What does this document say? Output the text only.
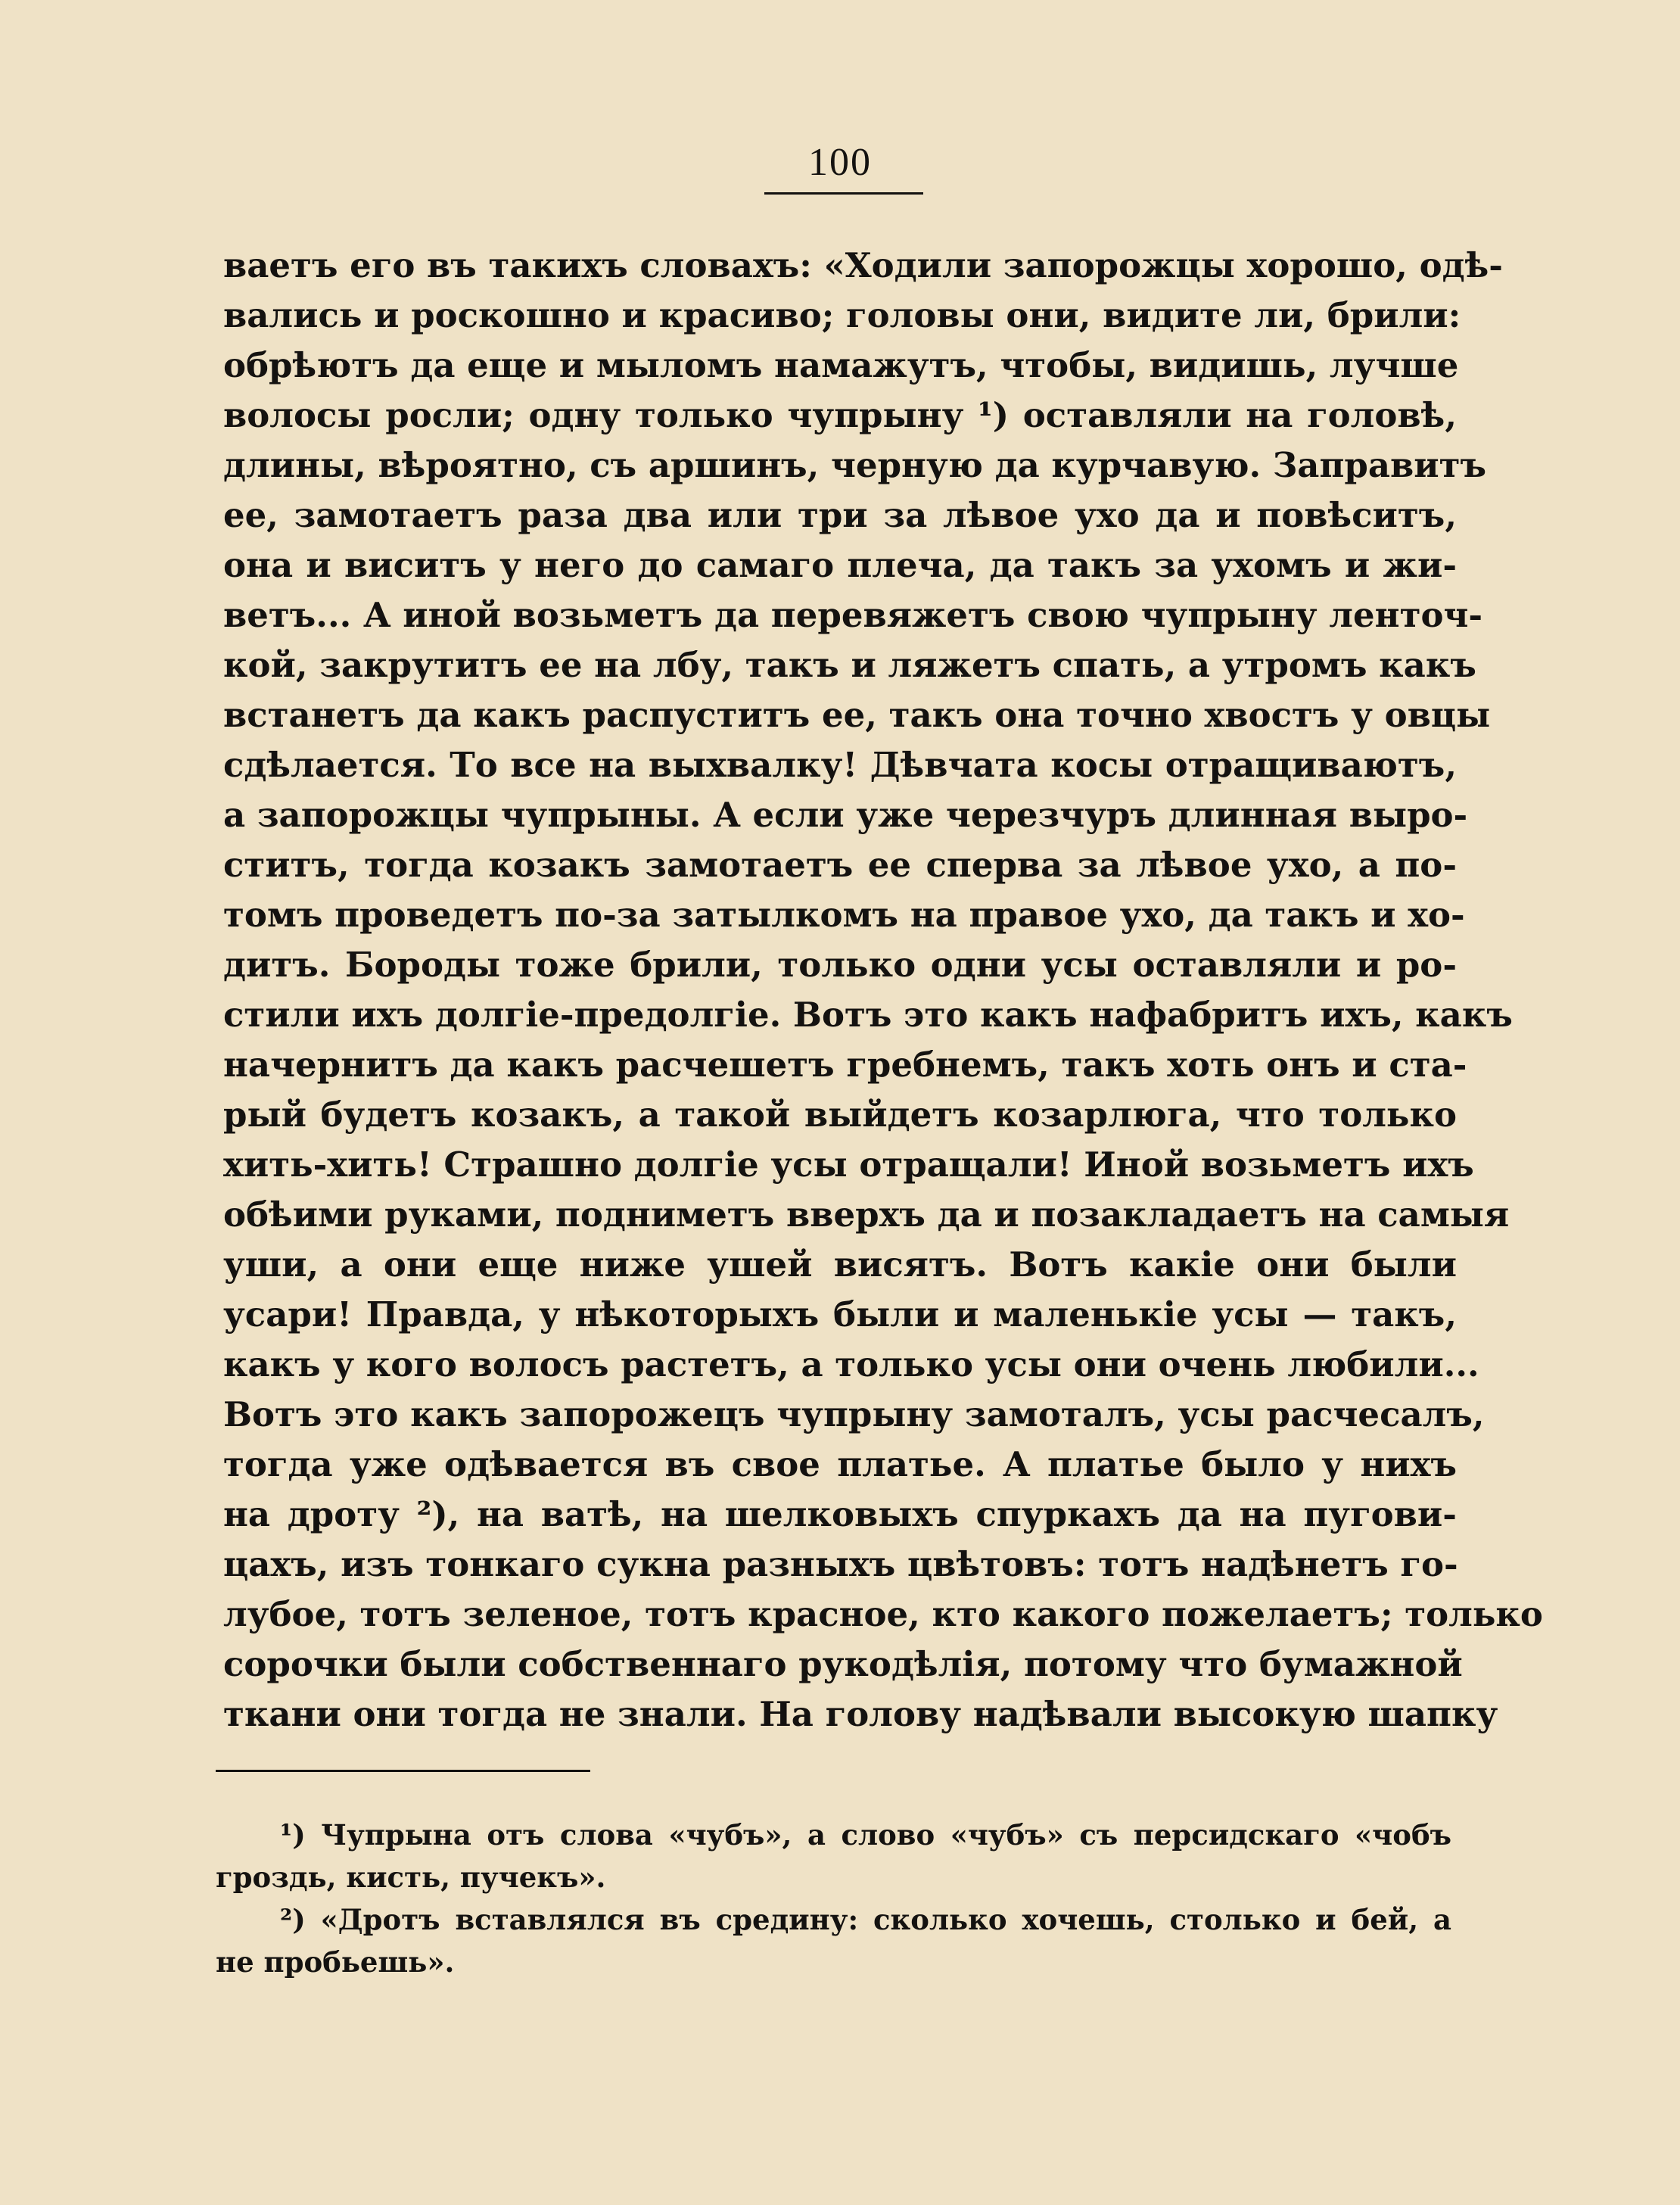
100
ваетъ его въ такихъ словахъ: «Ходили запорожцы хорошо, одѣ-
вались и роскошно и красиво; головы они, видите ли, брили:
обрѣютъ да еще и мыломъ намажутъ, чтобы, видишь, лучше
волосы росли; одну только чупрыну ¹) оставляли на головѣ,
длины, вѣроятно, съ аршинъ, черную да курчавую. Заправитъ
ее, замотаетъ раза два или три за лѣвое ухо да и повѣситъ,
она и виситъ у него до самаго плеча, да такъ за ухомъ и жи-
ветъ... А иной возьметъ да перевяжетъ свою чупрыну ленточ-
кой, закрутитъ ее на лбу, такъ и ляжетъ спать, а утромъ какъ
встанетъ да какъ распуститъ ее, такъ она точно хвостъ у овцы
сдѣлается. То все на выхвалку! Дѣвчата косы отращиваютъ,
а запорожцы чупрыны. А если уже черезчуръ длинная выро-
ститъ, тогда козакъ замотаетъ ее сперва за лѣвое ухо, а по-
томъ проведетъ по-за затылкомъ на правое ухо, да такъ и хо-
дитъ. Бороды тоже брили, только одни усы оставляли и ро-
стили ихъ долгіе-предолгіе. Вотъ это какъ нафабритъ ихъ, какъ
начернитъ да какъ расчешетъ гребнемъ, такъ хоть онъ и ста-
рый будетъ козакъ, а такой выйдетъ козарлюга, что только
хить-хить! Страшно долгіе усы отращали! Иной возьметъ ихъ
обѣими руками, подниметъ вверхъ да и позакладаетъ на самыя
уши, а они еще ниже ушей висятъ. Вотъ какіе они были
усари! Правда, у нѣкоторыхъ были и маленькіе усы — такъ,
какъ у кого волосъ растетъ, а только усы они очень любили...
Вотъ это какъ запорожецъ чупрыну замоталъ, усы расчесалъ,
тогда уже одѣвается въ свое платье. А платье было у нихъ
на дроту ²), на ватѣ, на шелковыхъ спуркахъ да на пугови-
цахъ, изъ тонкаго сукна разныхъ цвѣтовъ: тотъ надѣнетъ го-
лубое, тотъ зеленое, тотъ красное, кто какого пожелаетъ; только
сорочки были собственнаго рукодѣлія, потому что бумажной
ткани они тогда не знали. На голову надѣвали высокую шапку
¹) Чупрына отъ слова «чубъ», а слово «чубъ» съ персидскаго «чобъ
гроздь, кисть, пучекъ».
²) «Дротъ вставлялся въ средину: сколько хочешь, столько и бей, а
не пробьешь».
